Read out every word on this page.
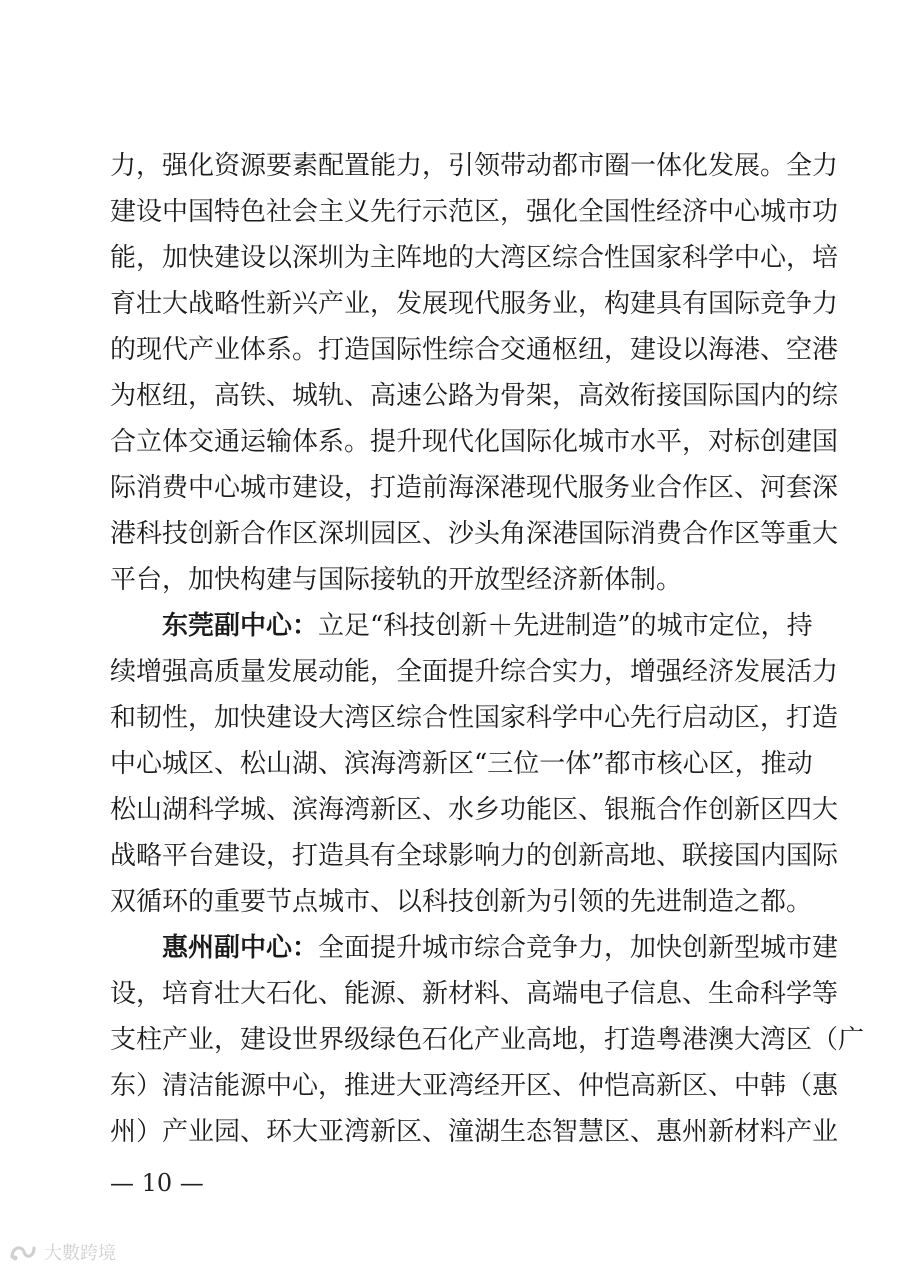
力，强化资源要素配置能力，引领带动都市圈一体化发展。全力
建设中国特色社会主义先行示范区，强化全国性经济中心城市功
能，加快建设以深圳为主阵地的大湾区综合性国家科学中心，培
育壮大战略性新兴产业，发展现代服务业，构建具有国际竞争力
的现代产业体系。打造国际性综合交通枢纽，建设以海港、空港
为枢纽，高铁、城轨、高速公路为骨架，高效衔接国际国内的综
合立体交通运输体系。提升现代化国际化城市水平，对标创建国
际消费中心城市建设，打造前海深港现代服务业合作区、河套深
港科技创新合作区深圳园区、沙头角深港国际消费合作区等重大
平台，加快构建与国际接轨的开放型经济新体制。
东莞副中心：立足“科技创新＋先进制造”的城市定位，持
续增强高质量发展动能，全面提升综合实力，增强经济发展活力
和韧性，加快建设大湾区综合性国家科学中心先行启动区，打造
中心城区、松山湖、滨海湾新区“三位一体”都市核心区，推动
松山湖科学城、滨海湾新区、水乡功能区、银瓶合作创新区四大
战略平台建设，打造具有全球影响力的创新高地、联接国内国际
双循环的重要节点城市、以科技创新为引领的先进制造之都。
惠州副中心：全面提升城市综合竞争力，加快创新型城市建
设，培育壮大石化、能源、新材料、高端电子信息、生命科学等
支柱产业，建设世界级绿色石化产业高地，打造粤港澳大湾区（广
东）清洁能源中心，推进大亚湾经开区、仲恺高新区、中韩（惠
州）产业园、环大亚湾新区、潼湖生态智慧区、惠州新材料产业
— 10 —
大數跨境
